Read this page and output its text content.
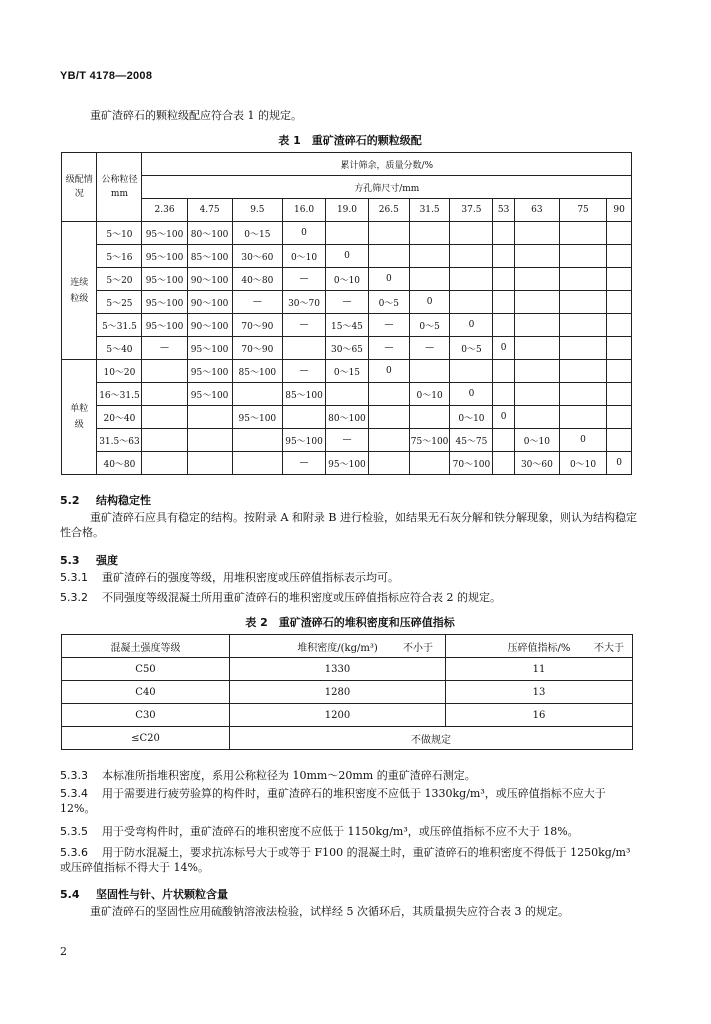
YB/T 4178—2008
重矿渣碎石的颗粒级配应符合表 1 的规定。
表 1　重矿渣碎石的颗粒级配
级配情况	公称粒径mm	累计筛余，质量分数/%											
		方孔筛尺寸/mm											
		2.36	4.75	9.5	16.0	19.0	26.5	31.5	37.5	53	63	75	90
连续粒级	5～10	95～100	80～100	0～15	0								
	5～16	95～100	85～100	30～60	0～10	0							
	5～20	95～100	90～100	40～80	—	0～10	0						
	5～25	95～100	90～100	—	30～70	—	0～5	0					
	5～31.5	95～100	90～100	70～90	—	15～45	—	0～5	0				
	5～40	—	95～100	70～90		30～65	—	—	0～5	0			
单粒级	10～20		95～100	85～100	—	0～15	0						
	16～31.5		95～100		85～100			0～10	0				
	20～40			95～100		80～100			0～10	0			
	31.5～63				95～100	—		75～100	45～75		0～10	0	
	40～80				—	95～100			70～100		30～60	0～10	0
5.2 结构稳定性
重矿渣碎石应具有稳定的结构。按附录 A 和附录 B 进行检验，如结果无石灰分解和铁分解现象，则认为结构稳定性合格。
5.3 强度
5.3.1 重矿渣碎石的强度等级，用堆积密度或压碎值指标表示均可。
5.3.2 不同强度等级混凝土所用重矿渣碎石的堆积密度或压碎值指标应符合表 2 的规定。
表 2　重矿渣碎石的堆积密度和压碎值指标
混凝土强度等级	堆积密度/(kg/m³) 不小于	压碎值指标/% 不大于

C50	1330	11
C40	1280	13
C30	1200	16
≤C20	不做规定	
5.3.3 本标准所指堆积密度，系用公称粒径为 10mm～20mm 的重矿渣碎石测定。
5.3.4 用于需要进行疲劳验算的构件时，重矿渣碎石的堆积密度不应低于 1330kg/m³，或压碎值指标不应大于 12%。
5.3.5 用于受弯构件时，重矿渣碎石的堆积密度不应低于 1150kg/m³，或压碎值指标不应不大于 18%。
5.3.6 用于防水混凝土，要求抗冻标号大于或等于 F100 的混凝土时，重矿渣碎石的堆积密度不得低于 1250kg/m³或压碎值指标不得大于 14%。
5.4 坚固性与针、片状颗粒含量
重矿渣碎石的坚固性应用硫酸钠溶液法检验，试样经 5 次循环后，其质量损失应符合表 3 的规定。
2
